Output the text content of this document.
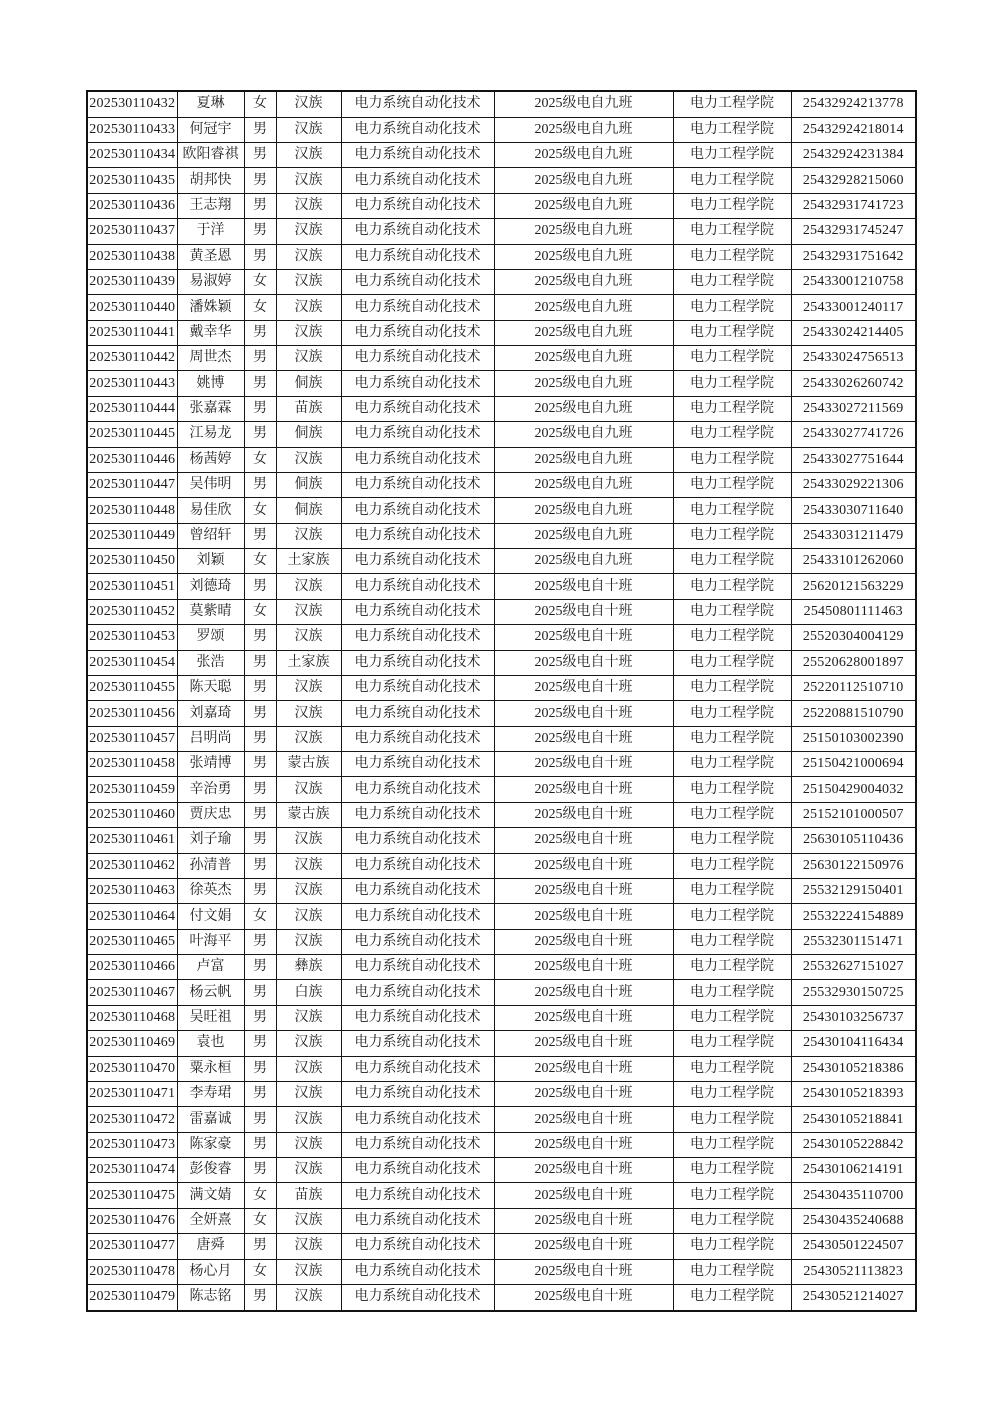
202530110432	夏琳	女	汉族	电力系统自动化技术	2025级电自九班	电力工程学院	25432924213778
202530110433	何冠宇	男	汉族	电力系统自动化技术	2025级电自九班	电力工程学院	25432924218014
202530110434	欧阳睿祺	男	汉族	电力系统自动化技术	2025级电自九班	电力工程学院	25432924231384
202530110435	胡邦快	男	汉族	电力系统自动化技术	2025级电自九班	电力工程学院	25432928215060
202530110436	王志翔	男	汉族	电力系统自动化技术	2025级电自九班	电力工程学院	25432931741723
202530110437	于洋	男	汉族	电力系统自动化技术	2025级电自九班	电力工程学院	25432931745247
202530110438	黄圣恩	男	汉族	电力系统自动化技术	2025级电自九班	电力工程学院	25432931751642
202530110439	易淑婷	女	汉族	电力系统自动化技术	2025级电自九班	电力工程学院	25433001210758
202530110440	潘姝颖	女	汉族	电力系统自动化技术	2025级电自九班	电力工程学院	25433001240117
202530110441	戴幸华	男	汉族	电力系统自动化技术	2025级电自九班	电力工程学院	25433024214405
202530110442	周世杰	男	汉族	电力系统自动化技术	2025级电自九班	电力工程学院	25433024756513
202530110443	姚博	男	侗族	电力系统自动化技术	2025级电自九班	电力工程学院	25433026260742
202530110444	张嘉霖	男	苗族	电力系统自动化技术	2025级电自九班	电力工程学院	25433027211569
202530110445	江易龙	男	侗族	电力系统自动化技术	2025级电自九班	电力工程学院	25433027741726
202530110446	杨茜婷	女	汉族	电力系统自动化技术	2025级电自九班	电力工程学院	25433027751644
202530110447	吴伟明	男	侗族	电力系统自动化技术	2025级电自九班	电力工程学院	25433029221306
202530110448	易佳欣	女	侗族	电力系统自动化技术	2025级电自九班	电力工程学院	25433030711640
202530110449	曾绍轩	男	汉族	电力系统自动化技术	2025级电自九班	电力工程学院	25433031211479
202530110450	刘颖	女	土家族	电力系统自动化技术	2025级电自九班	电力工程学院	25433101262060
202530110451	刘德琦	男	汉族	电力系统自动化技术	2025级电自十班	电力工程学院	25620121563229
202530110452	莫紫晴	女	汉族	电力系统自动化技术	2025级电自十班	电力工程学院	25450801111463
202530110453	罗颂	男	汉族	电力系统自动化技术	2025级电自十班	电力工程学院	25520304004129
202530110454	张浩	男	土家族	电力系统自动化技术	2025级电自十班	电力工程学院	25520628001897
202530110455	陈天聪	男	汉族	电力系统自动化技术	2025级电自十班	电力工程学院	25220112510710
202530110456	刘嘉琦	男	汉族	电力系统自动化技术	2025级电自十班	电力工程学院	25220881510790
202530110457	吕明尚	男	汉族	电力系统自动化技术	2025级电自十班	电力工程学院	25150103002390
202530110458	张靖博	男	蒙古族	电力系统自动化技术	2025级电自十班	电力工程学院	25150421000694
202530110459	辛治勇	男	汉族	电力系统自动化技术	2025级电自十班	电力工程学院	25150429004032
202530110460	贾庆忠	男	蒙古族	电力系统自动化技术	2025级电自十班	电力工程学院	25152101000507
202530110461	刘子瑜	男	汉族	电力系统自动化技术	2025级电自十班	电力工程学院	25630105110436
202530110462	孙清普	男	汉族	电力系统自动化技术	2025级电自十班	电力工程学院	25630122150976
202530110463	徐英杰	男	汉族	电力系统自动化技术	2025级电自十班	电力工程学院	25532129150401
202530110464	付文娟	女	汉族	电力系统自动化技术	2025级电自十班	电力工程学院	25532224154889
202530110465	叶海平	男	汉族	电力系统自动化技术	2025级电自十班	电力工程学院	25532301151471
202530110466	卢富	男	彝族	电力系统自动化技术	2025级电自十班	电力工程学院	25532627151027
202530110467	杨云帆	男	白族	电力系统自动化技术	2025级电自十班	电力工程学院	25532930150725
202530110468	吴旺祖	男	汉族	电力系统自动化技术	2025级电自十班	电力工程学院	25430103256737
202530110469	袁也	男	汉族	电力系统自动化技术	2025级电自十班	电力工程学院	25430104116434
202530110470	粟永桓	男	汉族	电力系统自动化技术	2025级电自十班	电力工程学院	25430105218386
202530110471	李寿珺	男	汉族	电力系统自动化技术	2025级电自十班	电力工程学院	25430105218393
202530110472	雷嘉诚	男	汉族	电力系统自动化技术	2025级电自十班	电力工程学院	25430105218841
202530110473	陈家豪	男	汉族	电力系统自动化技术	2025级电自十班	电力工程学院	25430105228842
202530110474	彭俊睿	男	汉族	电力系统自动化技术	2025级电自十班	电力工程学院	25430106214191
202530110475	满文婧	女	苗族	电力系统自动化技术	2025级电自十班	电力工程学院	25430435110700
202530110476	全妍熹	女	汉族	电力系统自动化技术	2025级电自十班	电力工程学院	25430435240688
202530110477	唐舜	男	汉族	电力系统自动化技术	2025级电自十班	电力工程学院	25430501224507
202530110478	杨心月	女	汉族	电力系统自动化技术	2025级电自十班	电力工程学院	25430521113823
202530110479	陈志铭	男	汉族	电力系统自动化技术	2025级电自十班	电力工程学院	25430521214027
